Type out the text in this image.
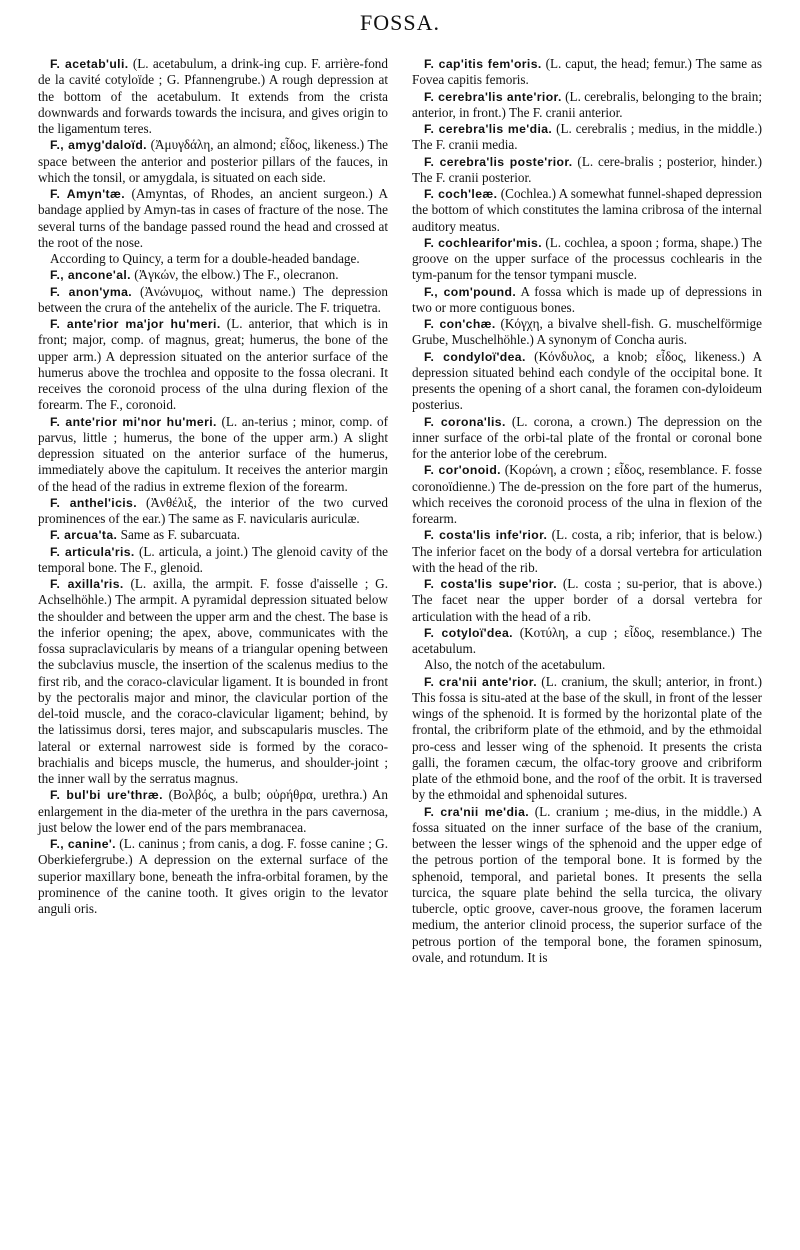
FOSSA.

F. acetab'uli. (L. acetabulum, a drink-ing cup. F. arrière-fond de la cavité cotyloïde ; G. Pfannengrube.) A rough depression at the bottom of the acetabulum. It extends from the crista downwards and forwards towards the incisura, and gives origin to the ligamentum teres.

F., amyg'daloïd. (Ἀμυγδάλη, an almond; εἶδος, likeness.) The space between the anterior and posterior pillars of the fauces, in which the tonsil, or amygdala, is situated on each side.

F. Amyn'tæ. (Amyntas, of Rhodes, an ancient surgeon.) A bandage applied by Amyn-tas in cases of fracture of the nose. The several turns of the bandage passed round the head and crossed at the root of the nose.

According to Quincy, a term for a double-headed bandage.

F., ancone'al. (Ἀγκών, the elbow.) The F., olecranon.

F. anon'yma. (Ἀνώνυμος, without name.) The depression between the crura of the antehelix of the auricle. The F. triquetra.

F. ante'rior ma'jor hu'meri. (L. anterior, that which is in front; major, comp. of magnus, great; humerus, the bone of the upper arm.) A depression situated on the anterior surface of the humerus above the trochlea and opposite to the fossa olecrani. It receives the coronoid process of the ulna during flexion of the forearm. The F., coronoid.

F. ante'rior mi'nor hu'meri. (L. an-terius ; minor, comp. of parvus, little ; humerus, the bone of the upper arm.) A slight depression situated on the anterior surface of the humerus, immediately above the capitulum. It receives the anterior margin of the head of the radius in extreme flexion of the forearm.

F. anthel'icis. (Ἀνθέλιξ, the interior of the two curved prominences of the ear.) The same as F. navicularis auriculæ.

F. arcua'ta. Same as F. subarcuata.

F. articula'ris. (L. articula, a joint.) The glenoid cavity of the temporal bone. The F., glenoid.

F. axilla'ris. (L. axilla, the armpit. F. fosse d'aisselle ; G. Achselhöhle.) The armpit. A pyramidal depression situated below the shoulder and between the upper arm and the chest. The base is the inferior opening; the apex, above, communicates with the fossa supraclavicularis by means of a triangular opening between the subclavius muscle, the insertion of the scalenus medius to the first rib, and the coraco-clavicular ligament. It is bounded in front by the pectoralis major and minor, the clavicular portion of the del-toid muscle, and the coraco-clavicular ligament; behind, by the latissimus dorsi, teres major, and subscapularis muscles. The lateral or external narrowest side is formed by the coraco-brachialis and biceps muscle, the humerus, and shoulder-joint ; the inner wall by the serratus magnus.

F. bul'bi ure'thræ. (Βολβός, a bulb; οὐρήθρα, urethra.) An enlargement in the dia-meter of the urethra in the pars cavernosa, just below the lower end of the pars membranacea.

F., canine'. (L. caninus ; from canis, a dog. F. fosse canine ; G. Oberkiefergrube.) A depression on the external surface of the superior maxillary bone, beneath the infra-orbital foramen, by the prominence of the canine tooth. It gives origin to the levator anguli oris.

F. cap'itis fem'oris. (L. caput, the head; femur.) The same as Fovea capitis femoris.

F. cerebra'lis ante'rior. (L. cerebralis, belonging to the brain; anterior, in front.) The F. cranii anterior.

F. cerebra'lis me'dia. (L. cerebralis ; medius, in the middle.) The F. cranii media.

F. cerebra'lis poste'rior. (L. cere-bralis ; posterior, hinder.) The F. cranii posterior.

F. coch'leæ. (Cochlea.) A somewhat funnel-shaped depression the bottom of which constitutes the lamina cribrosa of the internal auditory meatus.

F. cochlearifor'mis. (L. cochlea, a spoon ; forma, shape.) The groove on the upper surface of the processus cochlearis in the tym-panum for the tensor tympani muscle.

F., com'pound. A fossa which is made up of depressions in two or more contiguous bones.

F. con'chæ. (Κόγχη, a bivalve shell-fish. G. muschelförmige Grube, Muschelhöhle.) A synonym of Concha auris.

F. condyloï'dea. (Κόνδυλος, a knob; εἶδος, likeness.) A depression situated behind each condyle of the occipital bone. It presents the opening of a short canal, the foramen con-dyloideum posterius.

F. corona'lis. (L. corona, a crown.) The depression on the inner surface of the orbi-tal plate of the frontal or coronal bone for the anterior lobe of the cerebrum.

F. cor'onoid. (Κορώνη, a crown ; εἶδος, resemblance. F. fosse coronoïdienne.) The de-pression on the fore part of the humerus, which receives the coronoid process of the ulna in flexion of the forearm.

F. costa'lis infe'rior. (L. costa, a rib; inferior, that is below.) The inferior facet on the body of a dorsal vertebra for articulation with the head of the rib.

F. costa'lis supe'rior. (L. costa ; su-perior, that is above.) The facet near the upper border of a dorsal vertebra for articulation with the head of a rib.

F. cotyloï'dea. (Κοτύλη, a cup ; εἶδος, resemblance.) The acetabulum.

Also, the notch of the acetabulum.

F. cra'nii ante'rior. (L. cranium, the skull; anterior, in front.) This fossa is situ-ated at the base of the skull, in front of the lesser wings of the sphenoid. It is formed by the horizontal plate of the frontal, the cribriform plate of the ethmoid, and by the ethmoidal pro-cess and lesser wing of the sphenoid. It presents the crista galli, the foramen cæcum, the olfac-tory groove and cribriform plate of the ethmoid bone, and the roof of the orbit. It is traversed by the ethmoidal and sphenoidal sutures.

F. cra'nii me'dia. (L. cranium ; me-dius, in the middle.) A fossa situated on the inner surface of the base of the cranium, between the lesser wings of the sphenoid and the upper edge of the petrous portion of the temporal bone. It is formed by the sphenoid, temporal, and parietal bones. It presents the sella turcica, the square plate behind the sella turcica, the olivary tubercle, optic groove, caver-nous groove, the foramen lacerum medium, the anterior clinoid process, the superior surface of the petrous portion of the temporal bone, the foramen spinosum, ovale, and rotundum. It is
